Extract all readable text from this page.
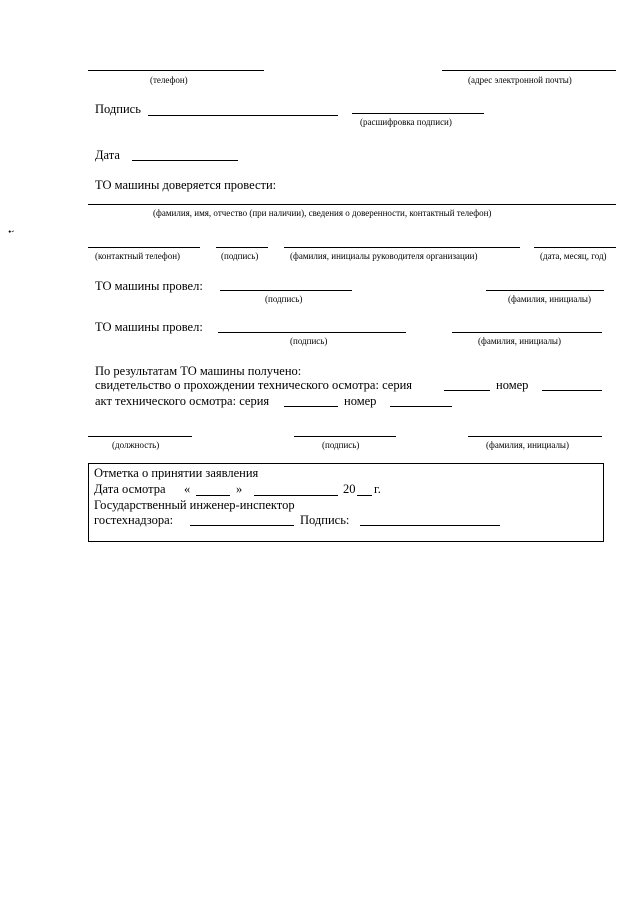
(телефон)	(адрес электронной почты)
Подпись
(расшифровка подписи)
Дата
ТО машины доверяется провести:
(фамилия, имя, отчество (при наличии), сведения о доверенности, контактный телефон)
•-
(контактный телефон)	(подпись)	(фамилия, инициалы руководителя организации)	(дата, месяц, год)
ТО машины провел:
(подпись)	(фамилия, инициалы)
ТО машины провел:
(подпись)	(фамилия, инициалы)
По результатам ТО машины получено:
свидетельство о прохождении технического осмотра: серия	номер
акт технического осмотра: серия	номер
(должность)	(подпись)	(фамилия, инициалы)
Отметка о принятии заявления
Дата осмотра «	»	20 г.
Государственный инженер-инспектор
гостехнадзора:	Подпись:
